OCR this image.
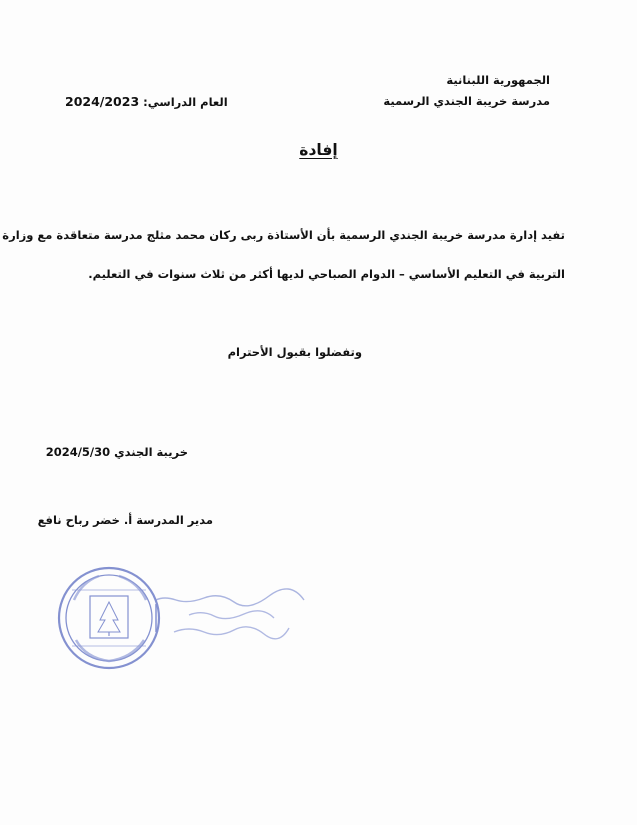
الجمهورية اللبنانية
مدرسة خريبة الجندي الرسمية
العام الدراسي: 2024/2023
إفادة
تفيد إدارة مدرسة خريبة الجندي الرسمية بأن الأستاذة ربى ركان محمد مثلج مدرسة متعاقدة مع وزارة
التربية في التعليم الأساسي – الدوام الصباحي لديها أكثر من ثلاث سنوات في التعليم.
وتفضلوا بقبول الأحترام
خريبة الجندي 2024/5/30
مدير المدرسة أ. خضر رباح نافع
